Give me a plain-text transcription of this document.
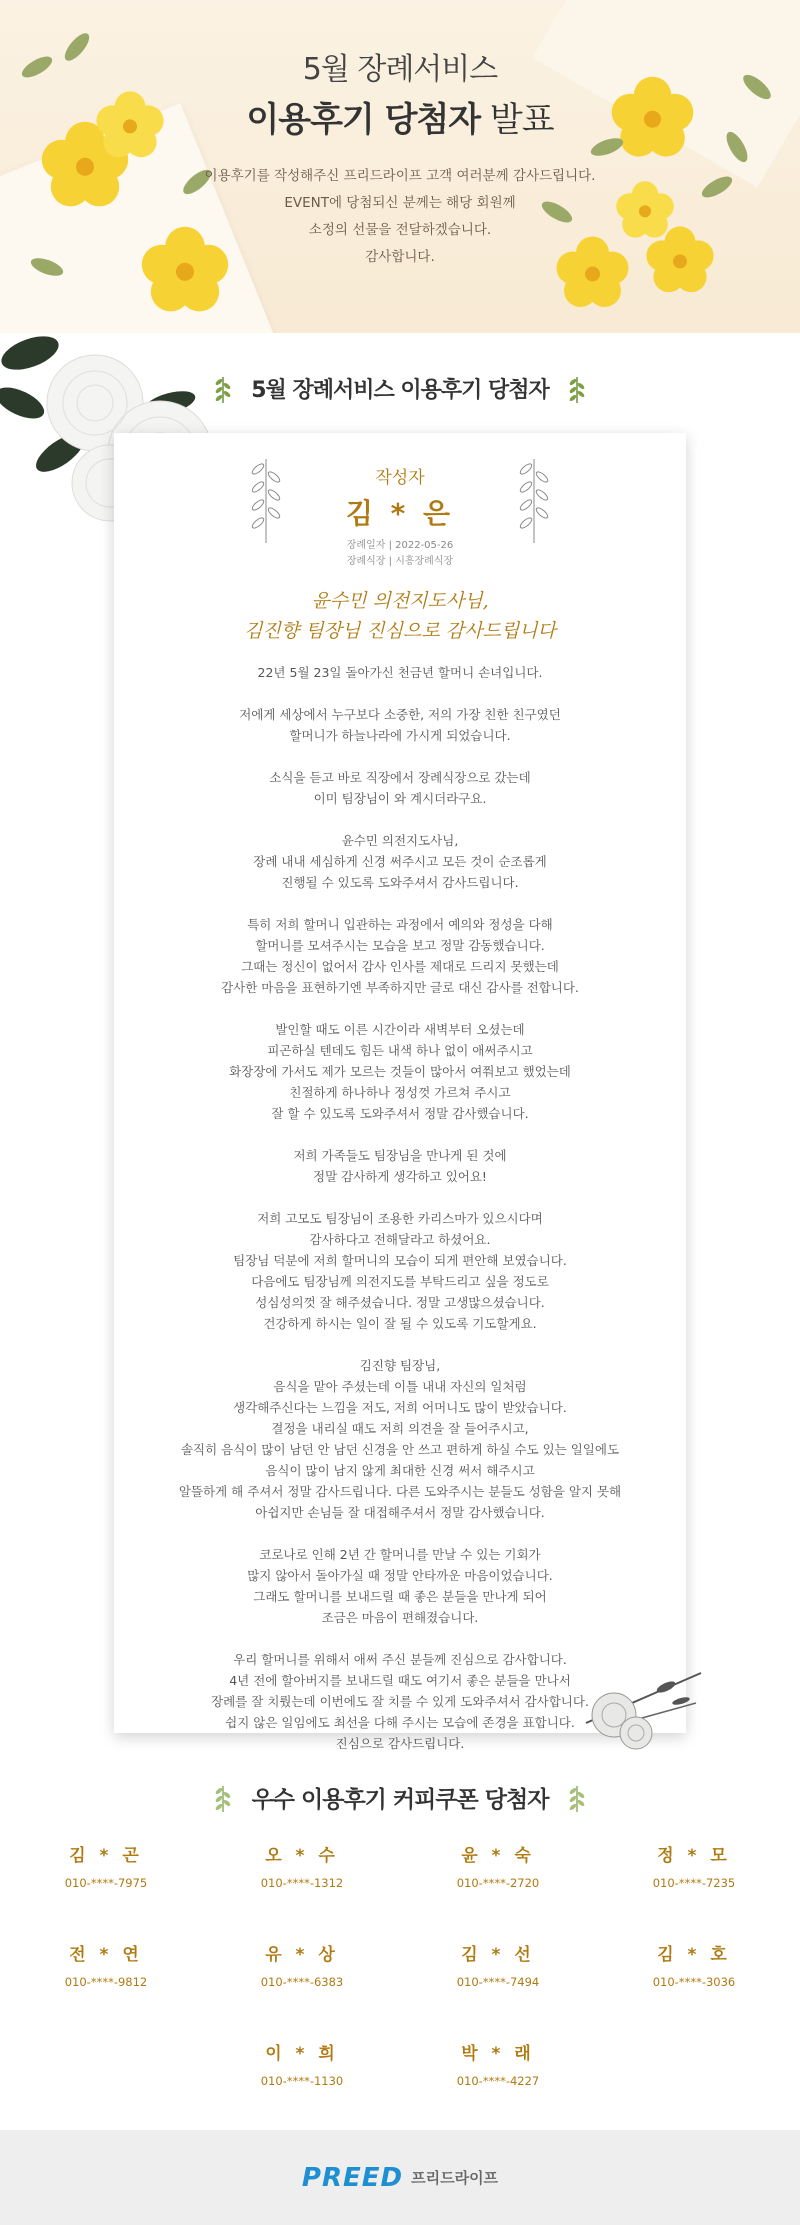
5월 장례서비스
이용후기 당첨자 발표
이용후기를 작성해주신 프리드라이프 고객 여러분께 감사드립니다.
EVENT에 당첨되신 분께는 해당 회원께
소정의 선물을 전달하겠습니다.
감사합니다.
5월 장례서비스 이용후기 당첨자
작성자
김 * 은
장례일자 | 2022-05-26
장례식장 | 시흥장례식장
윤수민 의전지도사님,
김진향 팀장님 진심으로 감사드립니다
22년 5월 23일 돌아가신 천금년 할머니 손녀입니다.
저에게 세상에서 누구보다 소중한, 저의 가장 친한 친구였던
할머니가 하늘나라에 가시게 되었습니다.
소식을 듣고 바로 직장에서 장례식장으로 갔는데
이미 팀장님이 와 계시더라구요.
윤수민 의전지도사님,
장례 내내 세심하게 신경 써주시고 모든 것이 순조롭게
진행될 수 있도록 도와주셔서 감사드립니다.
특히 저희 할머니 입관하는 과정에서 예의와 정성을 다해
할머니를 모셔주시는 모습을 보고 정말 감동했습니다.
그때는 정신이 없어서 감사 인사를 제대로 드리지 못했는데
감사한 마음을 표현하기엔 부족하지만 글로 대신 감사를 전합니다.
발인할 때도 이른 시간이라 새벽부터 오셨는데
피곤하실 텐데도 힘든 내색 하나 없이 애써주시고
화장장에 가서도 제가 모르는 것들이 많아서 여쭤보고 했었는데
친절하게 하나하나 정성껏 가르쳐 주시고
잘 할 수 있도록 도와주셔서 정말 감사했습니다.
저희 가족들도 팀장님을 만나게 된 것에
정말 감사하게 생각하고 있어요!
저희 고모도 팀장님이 조용한 카리스마가 있으시다며
감사하다고 전해달라고 하셨어요.
팀장님 덕분에 저희 할머니의 모습이 되게 편안해 보였습니다.
다음에도 팀장님께 의전지도를 부탁드리고 싶을 정도로
성심성의껏 잘 해주셨습니다. 정말 고생많으셨습니다.
건강하게 하시는 일이 잘 될 수 있도록 기도할게요.
김진향 팀장님,
음식을 맡아 주셨는데 이틀 내내 자신의 일처럼
생각해주신다는 느낌을 저도, 저희 어머니도 많이 받았습니다.
결정을 내리실 때도 저희 의견을 잘 들어주시고,
솔직히 음식이 많이 남던 안 남던 신경을 안 쓰고 편하게 하실 수도 있는 일일에도
음식이 많이 남지 않게 최대한 신경 써서 해주시고
알뜰하게 해 주셔서 정말 감사드립니다. 다른 도와주시는 분들도 성함을 알지 못해
아쉽지만 손님들 잘 대접해주셔서 정말 감사했습니다.
코로나로 인해 2년 간 할머니를 만날 수 있는 기회가
많지 않아서 돌아가실 때 정말 안타까운 마음이었습니다.
그래도 할머니를 보내드릴 때 좋은 분들을 만나게 되어
조금은 마음이 편해졌습니다.
우리 할머니를 위해서 애써 주신 분들께 진심으로 감사합니다.
4년 전에 할아버지를 보내드릴 때도 여기서 좋은 분들을 만나서
장례를 잘 치뤘는데 이번에도 잘 치를 수 있게 도와주셔서 감사합니다.
쉽지 않은 일임에도 최선을 다해 주시는 모습에 존경을 표합니다.
진심으로 감사드립니다.
우수 이용후기 커피쿠폰 당첨자
김 * 곤
010-****-7975
오 * 수
010-****-1312
윤 * 숙
010-****-2720
정 * 모
010-****-7235
전 * 연
010-****-9812
유 * 상
010-****-6383
김 * 선
010-****-7494
김 * 호
010-****-3036
이 * 희
010-****-1130
박 * 래
010-****-4227
PREED 프리드라이프
